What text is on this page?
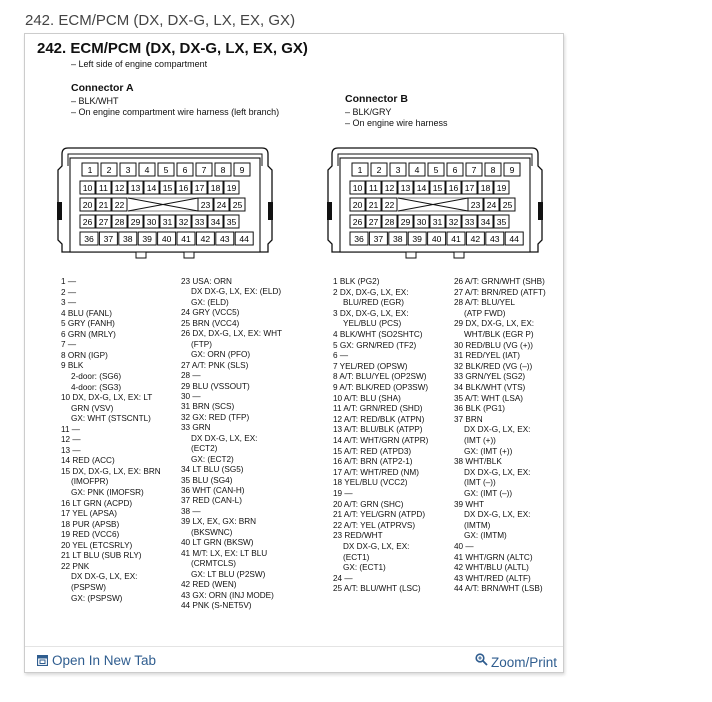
242. ECM/PCM (DX, DX-G, LX, EX, GX)
242. ECM/PCM (DX, DX-G, LX, EX, GX)
– Left side of engine compartment
Connector A
– BLK/WHT
– On engine compartment wire harness (left branch)
Connector B
– BLK/GRY
– On engine wire harness
1 2 3 4 5 6 7 8 9
10 11 12 13 14 15 16 17 18 19
20 21 22	23 24 25
26 27 28 29 30 31 32 33 34 35
36 37 38 39 40 41 42 43 44
1 2 3 4 5 6 7 8 9
10 11 12 13 14 15 16 17 18 19
20 21 22	23 24 25
26 27 28 29 30 31 32 33 34 35
36 37 38 39 40 41 42 43 44
1 —
2 —
3 —
4 BLU (FANL)
5 GRY (FANH)
6 GRN (MRLY)
7 —
8 ORN (IGP)
9 BLK
2-door: (SG6)
4-door: (SG3)
10 DX, DX-G, LX, EX: LT
GRN (VSV)
GX: WHT (STSCNTL)
11 —
12 —
13 —
14 RED (ACC)
15 DX, DX-G, LX, EX: BRN
(IMOFPR)
GX: PNK (IMOFSR)
16 LT GRN (ACPD)
17 YEL (APSA)
18 PUR (APSB)
19 RED (VCC6)
20 YEL (ETCSRLY)
21 LT BLU (SUB RLY)
22 PNK
DX DX-G, LX, EX:
(PSPSW)
GX: (PSPSW)
23 USA: ORN
DX DX-G, LX, EX: (ELD)
GX: (ELD)
24 GRY (VCC5)
25 BRN (VCC4)
26 DX, DX-G, LX, EX: WHT
(FTP)
GX: ORN (PFO)
27 A/T: PNK (SLS)
28 —
29 BLU (VSSOUT)
30 —
31 BRN (SCS)
32 GX: RED (TFP)
33 GRN
DX DX-G, LX, EX:
(ECT2)
GX: (ECT2)
34 LT BLU (SG5)
35 BLU (SG4)
36 WHT (CAN-H)
37 RED (CAN-L)
38 —
39 LX, EX, GX: BRN
(BKSWNC)
40 LT GRN (BKSW)
41 M/T: LX, EX: LT BLU
(CRMTCLS)
GX: LT BLU (P2SW)
42 RED (WEN)
43 GX: ORN (INJ MODE)
44 PNK (S-NET5V)
1 BLK (PG2)
2 DX, DX-G, LX, EX:
BLU/RED (EGR)
3 DX, DX-G, LX, EX:
YEL/BLU (PCS)
4 BLK/WHT (SO2SHTC)
5 GX: GRN/RED (TF2)
6 —
7 YEL/RED (OPSW)
8 A/T: BLU/YEL (OP2SW)
9 A/T: BLK/RED (OP3SW)
10 A/T: BLU (SHA)
11 A/T: GRN/RED (SHD)
12 A/T: RED/BLK (ATPN)
13 A/T: BLU/BLK (ATPP)
14 A/T: WHT/GRN (ATPR)
15 A/T: RED (ATPD3)
16 A/T: BRN (ATP2-1)
17 A/T: WHT/RED (NM)
18 YEL/BLU (VCC2)
19 —
20 A/T: GRN (SHC)
21 A/T: YEL/GRN (ATPD)
22 A/T: YEL (ATPRVS)
23 RED/WHT
DX DX-G, LX, EX:
(ECT1)
GX: (ECT1)
24 —
25 A/T: BLU/WHT (LSC)
26 A/T: GRN/WHT (SHB)
27 A/T: BRN/RED (ATFT)
28 A/T: BLU/YEL
(ATP FWD)
29 DX, DX-G, LX, EX:
WHT/BLK (EGR P)
30 RED/BLU (VG (+))
31 RED/YEL (IAT)
32 BLK/RED (VG (–))
33 GRN/YEL (SG2)
34 BLK/WHT (VTS)
35 A/T: WHT (LSA)
36 BLK (PG1)
37 BRN
DX DX-G, LX, EX:
(IMT (+))
GX: (IMT (+))
38 WHT/BLK
DX DX-G, LX, EX:
(IMT (–))
GX: (IMT (–))
39 WHT
DX DX-G, LX, EX:
(IMTM)
GX: (IMTM)
40 —
41 WHT/GRN (ALTC)
42 WHT/BLU (ALTL)
43 WHT/RED (ALTF)
44 A/T: BRN/WHT (LSB)
Open In New Tab	Zoom/Print
